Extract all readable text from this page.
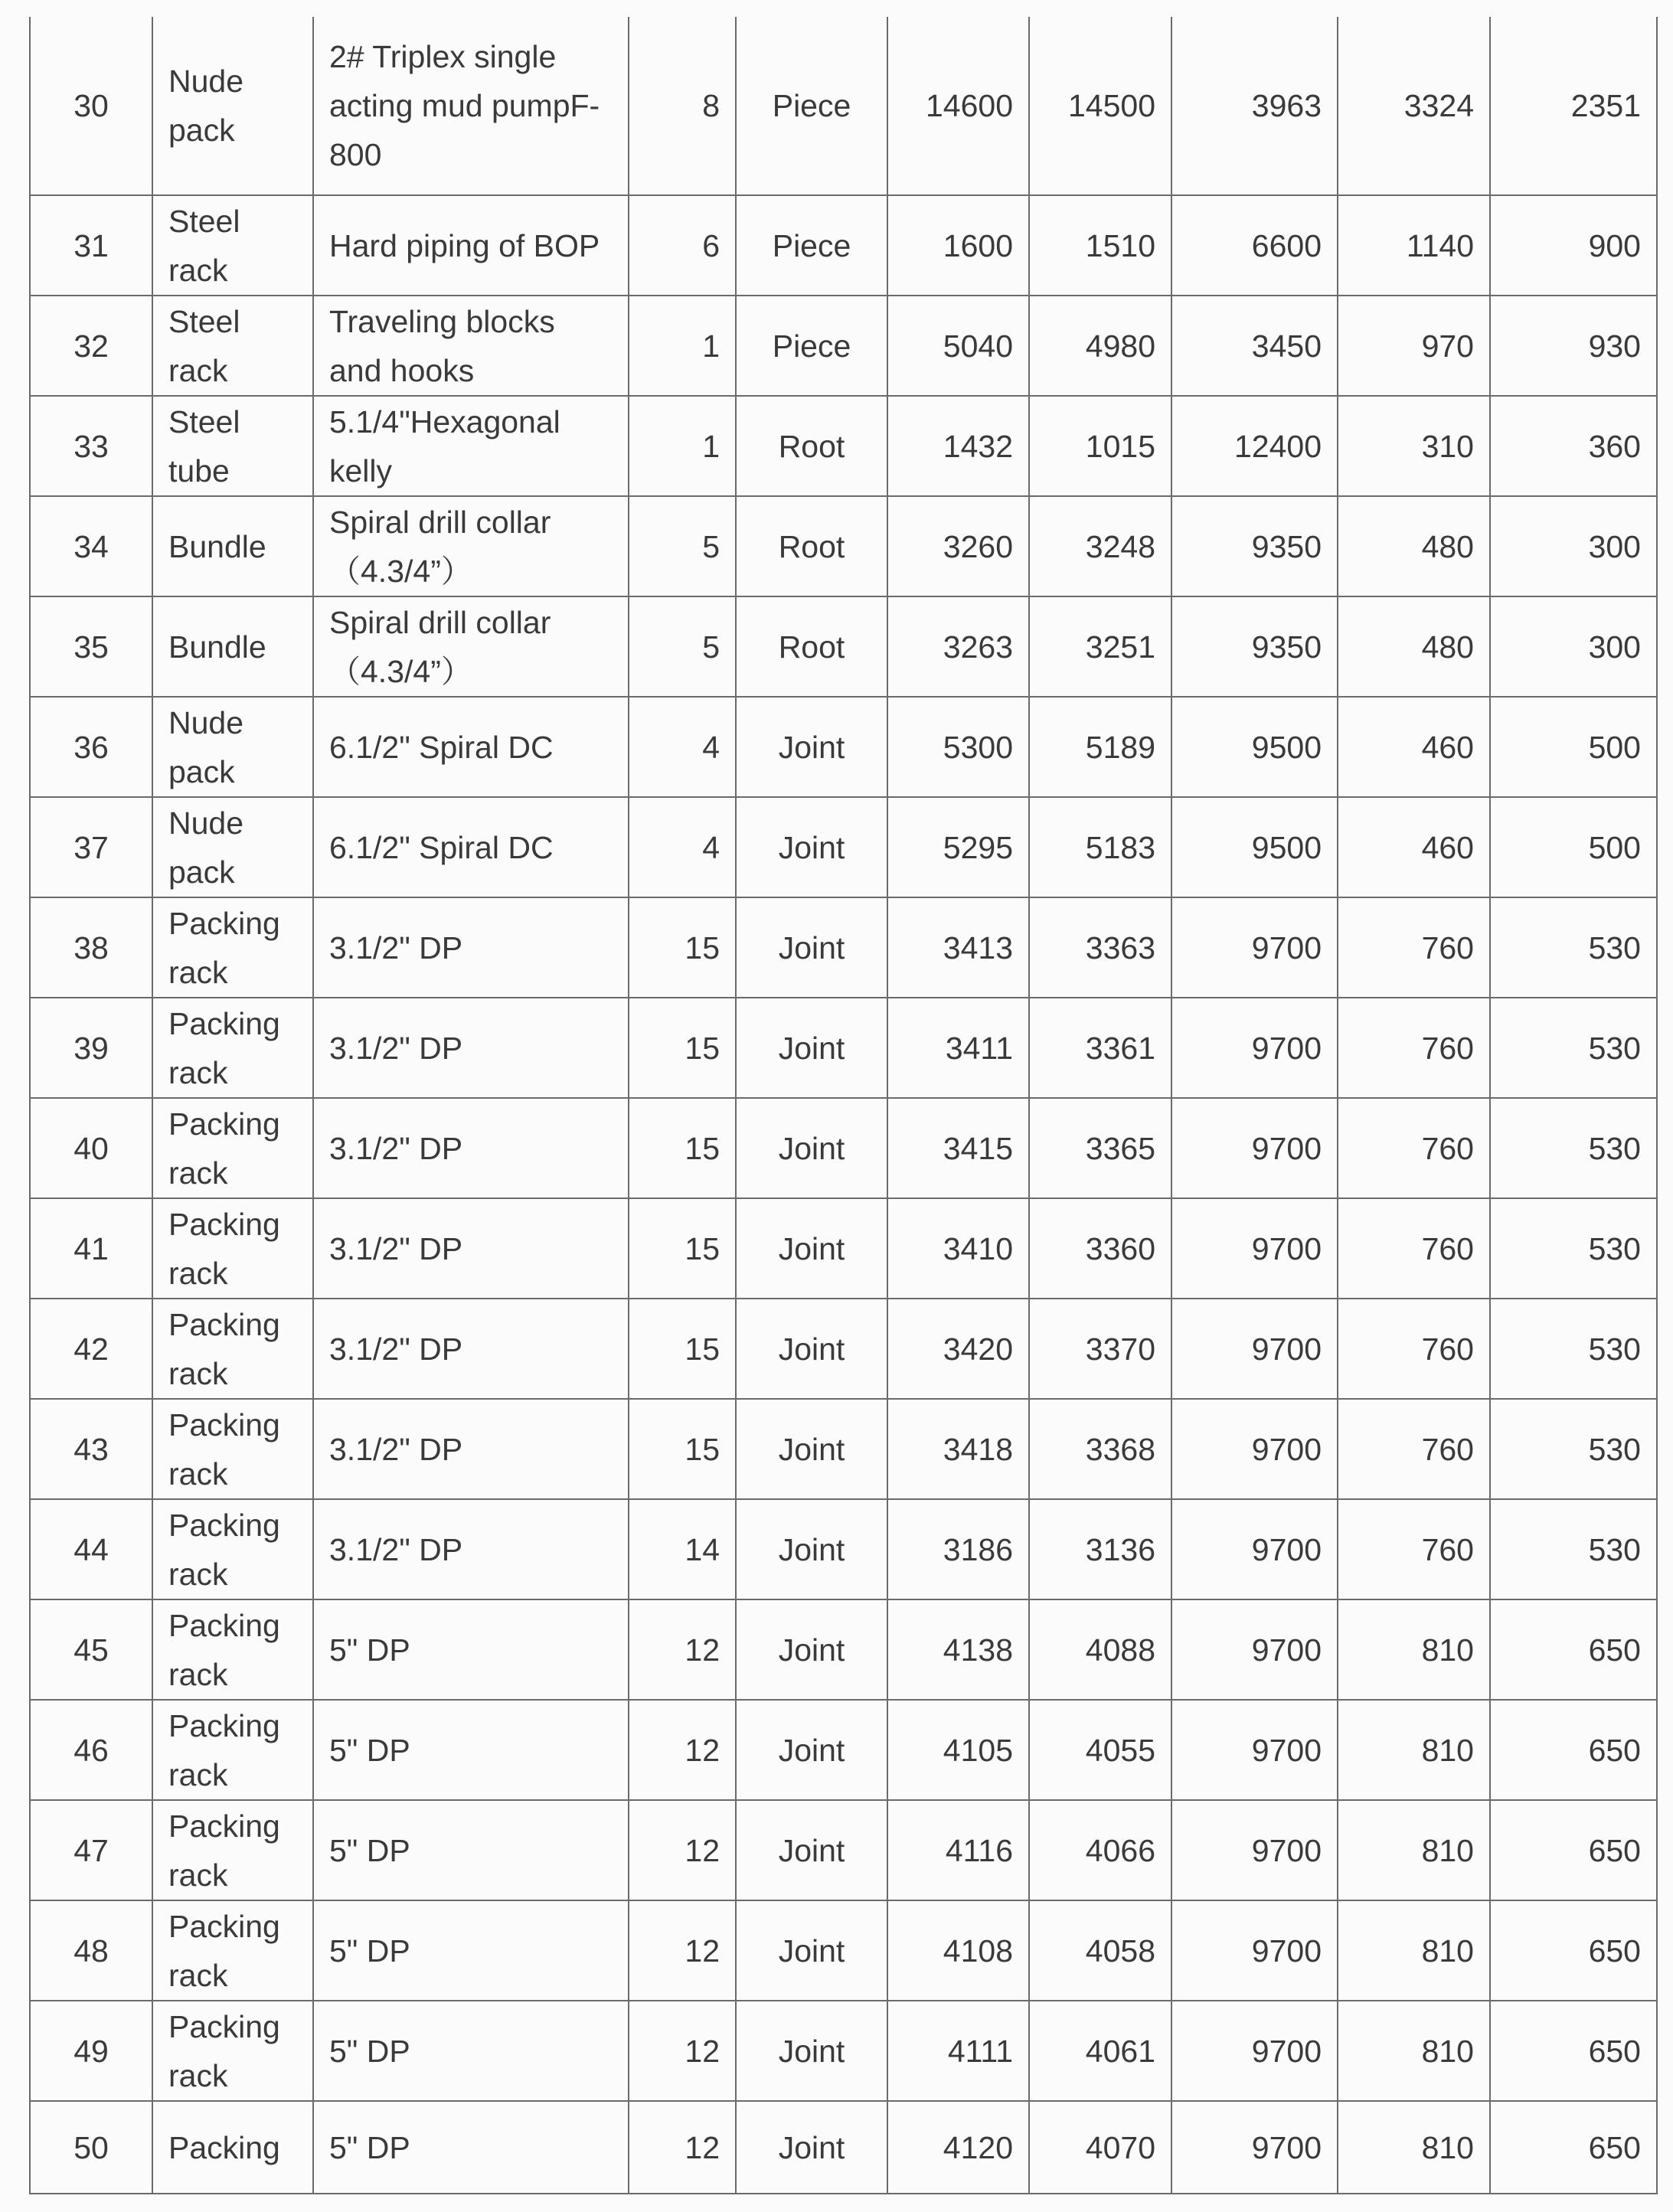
30	Nude pack	2# Triplex single acting mud pumpF-800	8	Piece	14600	14500	3963	3324	2351
31	Steel rack	Hard piping of BOP	6	Piece	1600	1510	6600	1140	900
32	Steel rack	Traveling blocks and hooks	1	Piece	5040	4980	3450	970	930
33	Steel tube	5.1/4"Hexagonal kelly	1	Root	1432	1015	12400	310	360
34	Bundle	Spiral drill collar （4.3/4”）	5	Root	3260	3248	9350	480	300
35	Bundle	Spiral drill collar （4.3/4”）	5	Root	3263	3251	9350	480	300
36	Nude pack	6.1/2" Spiral DC	4	Joint	5300	5189	9500	460	500
37	Nude pack	6.1/2" Spiral DC	4	Joint	5295	5183	9500	460	500
38	Packing rack	3.1/2" DP	15	Joint	3413	3363	9700	760	530
39	Packing rack	3.1/2" DP	15	Joint	3411	3361	9700	760	530
40	Packing rack	3.1/2" DP	15	Joint	3415	3365	9700	760	530
41	Packing rack	3.1/2" DP	15	Joint	3410	3360	9700	760	530
42	Packing rack	3.1/2" DP	15	Joint	3420	3370	9700	760	530
43	Packing rack	3.1/2" DP	15	Joint	3418	3368	9700	760	530
44	Packing rack	3.1/2" DP	14	Joint	3186	3136	9700	760	530
45	Packing rack	5" DP	12	Joint	4138	4088	9700	810	650
46	Packing rack	5" DP	12	Joint	4105	4055	9700	810	650
47	Packing rack	5" DP	12	Joint	4116	4066	9700	810	650
48	Packing rack	5" DP	12	Joint	4108	4058	9700	810	650
49	Packing rack	5" DP	12	Joint	4111	4061	9700	810	650
50	Packing	5" DP	12	Joint	4120	4070	9700	810	650
